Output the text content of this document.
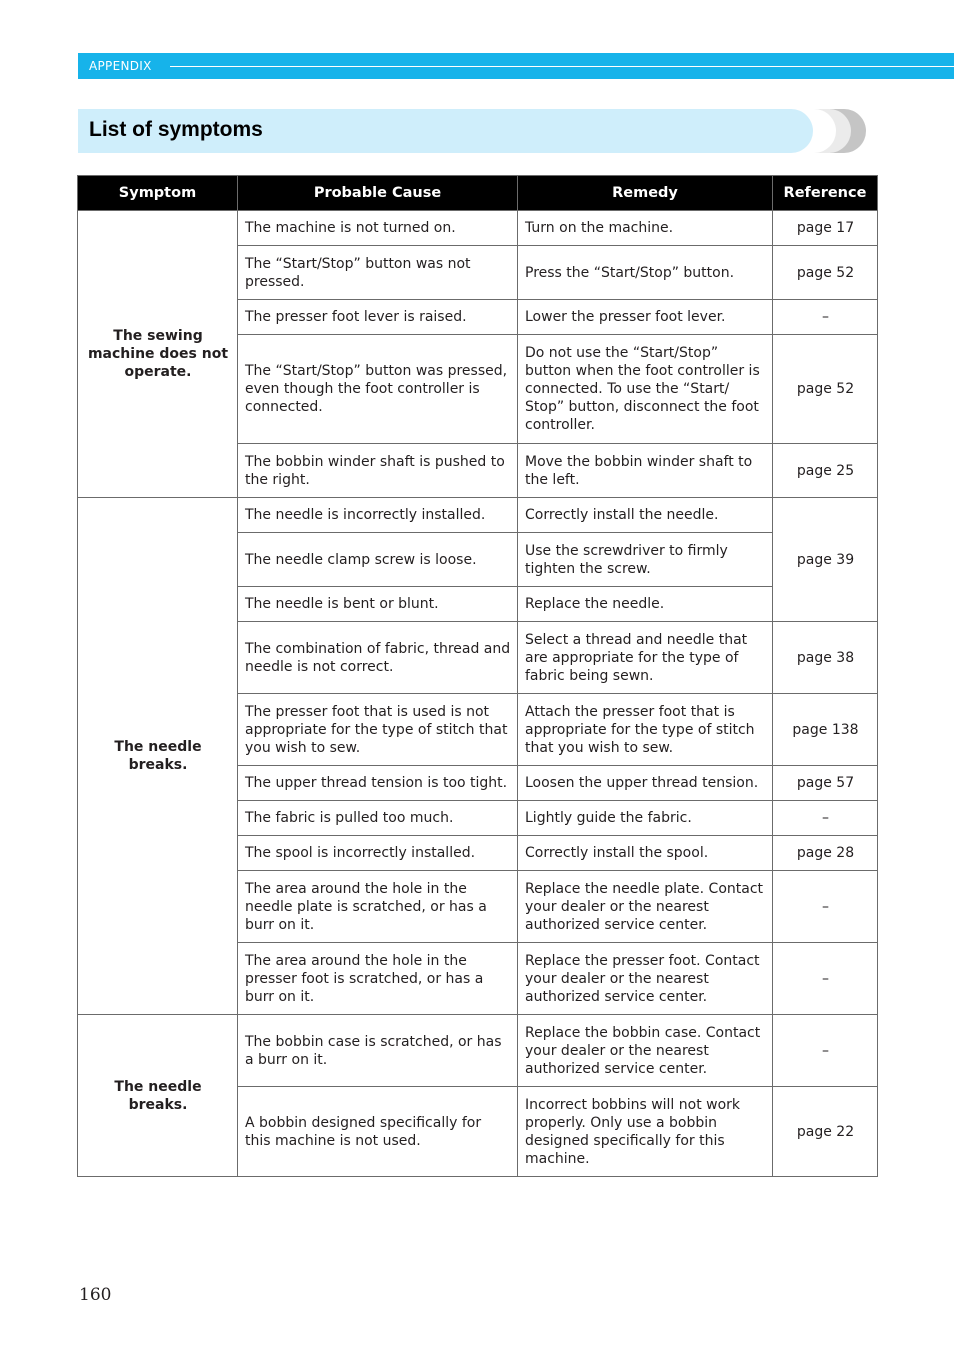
APPENDIX
List of symptoms
Symptom	Probable Cause	Remedy	Reference
The sewing machine does not operate.	The machine is not turned on.	Turn on the machine.	page 17
	The “Start/Stop” button was not pressed.	Press the “Start/Stop” button.	page 52
	The presser foot lever is raised.	Lower the presser foot lever.	–
	The “Start/Stop” button was pressed, even though the foot controller is connected.	Do not use the “Start/Stop” button when the foot controller is connected. To use the “Start/ Stop” button, disconnect the foot controller.	page 52
	The bobbin winder shaft is pushed to the right.	Move the bobbin winder shaft to the left.	page 25
The needle breaks.	The needle is incorrectly installed.	Correctly install the needle.	page 39
	The needle clamp screw is loose.	Use the screwdriver to firmly tighten the screw.	
	The needle is bent or blunt.	Replace the needle.	
	The combination of fabric, thread and needle is not correct.	Select a thread and needle that are appropriate for the type of fabric being sewn.	page 38
	The presser foot that is used is not appropriate for the type of stitch that you wish to sew.	Attach the presser foot that is appropriate for the type of stitch that you wish to sew.	page 138
	The upper thread tension is too tight.	Loosen the upper thread tension.	page 57
	The fabric is pulled too much.	Lightly guide the fabric.	–
	The spool is incorrectly installed.	Correctly install the spool.	page 28
	The area around the hole in the needle plate is scratched, or has a burr on it.	Replace the needle plate. Contact your dealer or the nearest authorized service center.	–
	The area around the hole in the presser foot is scratched, or has a burr on it.	Replace the presser foot. Contact your dealer or the nearest authorized service center.	–
The needle breaks.	The bobbin case is scratched, or has a burr on it.	Replace the bobbin case. Contact your dealer or the nearest authorized service center.	–
	A bobbin designed specifically for this machine is not used.	Incorrect bobbins will not work properly. Only use a bobbin designed specifically for this machine.	page 22
160
